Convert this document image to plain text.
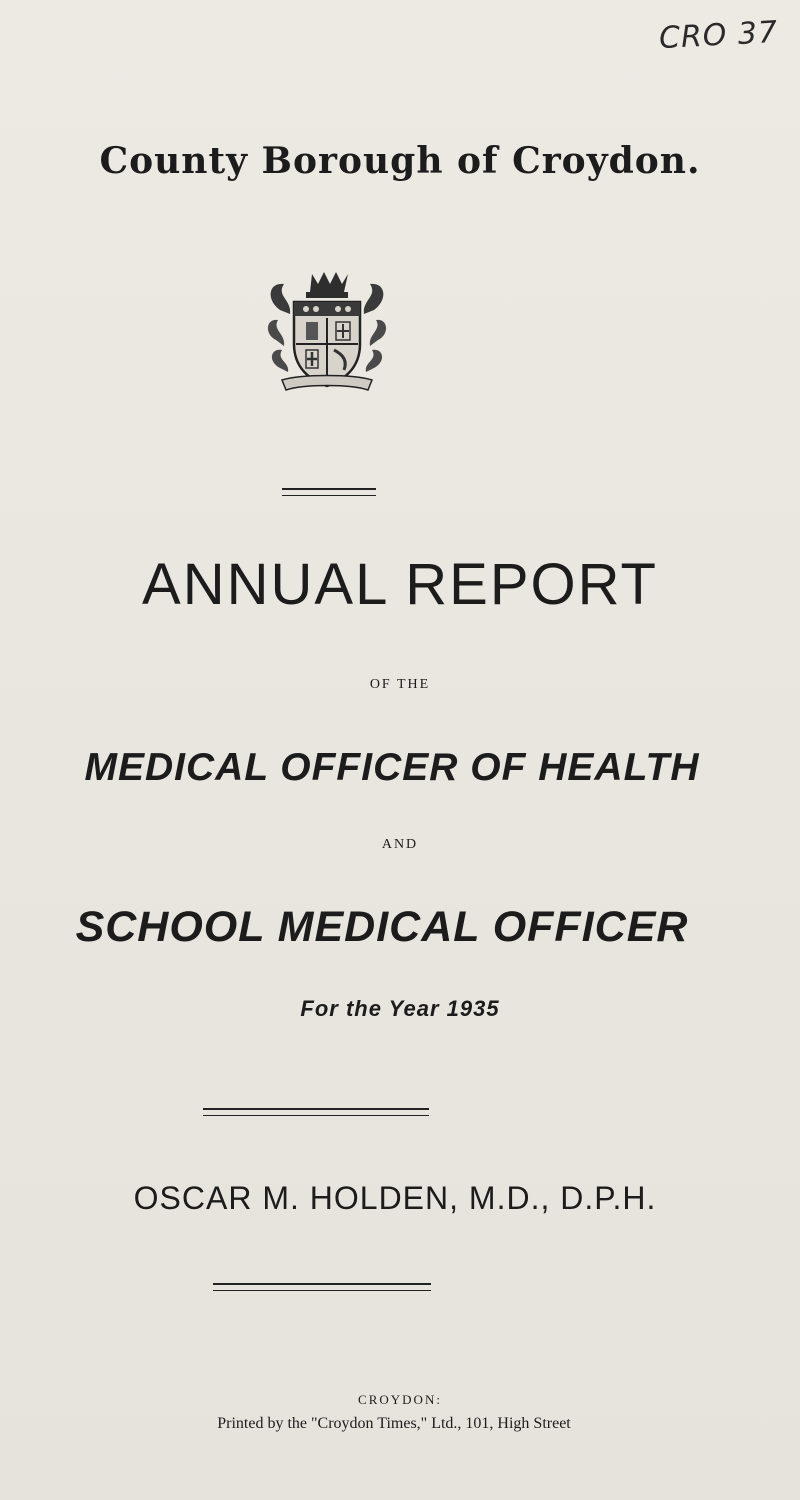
CRO 37
County Borough of Croydon.
ANNUAL REPORT
OF THE
MEDICAL OFFICER OF HEALTH
AND
SCHOOL MEDICAL OFFICER
For the Year 1935
OSCAR M. HOLDEN, M.D., D.P.H.
CROYDON:
Printed by the "Croydon Times," Ltd., 101, High Street
